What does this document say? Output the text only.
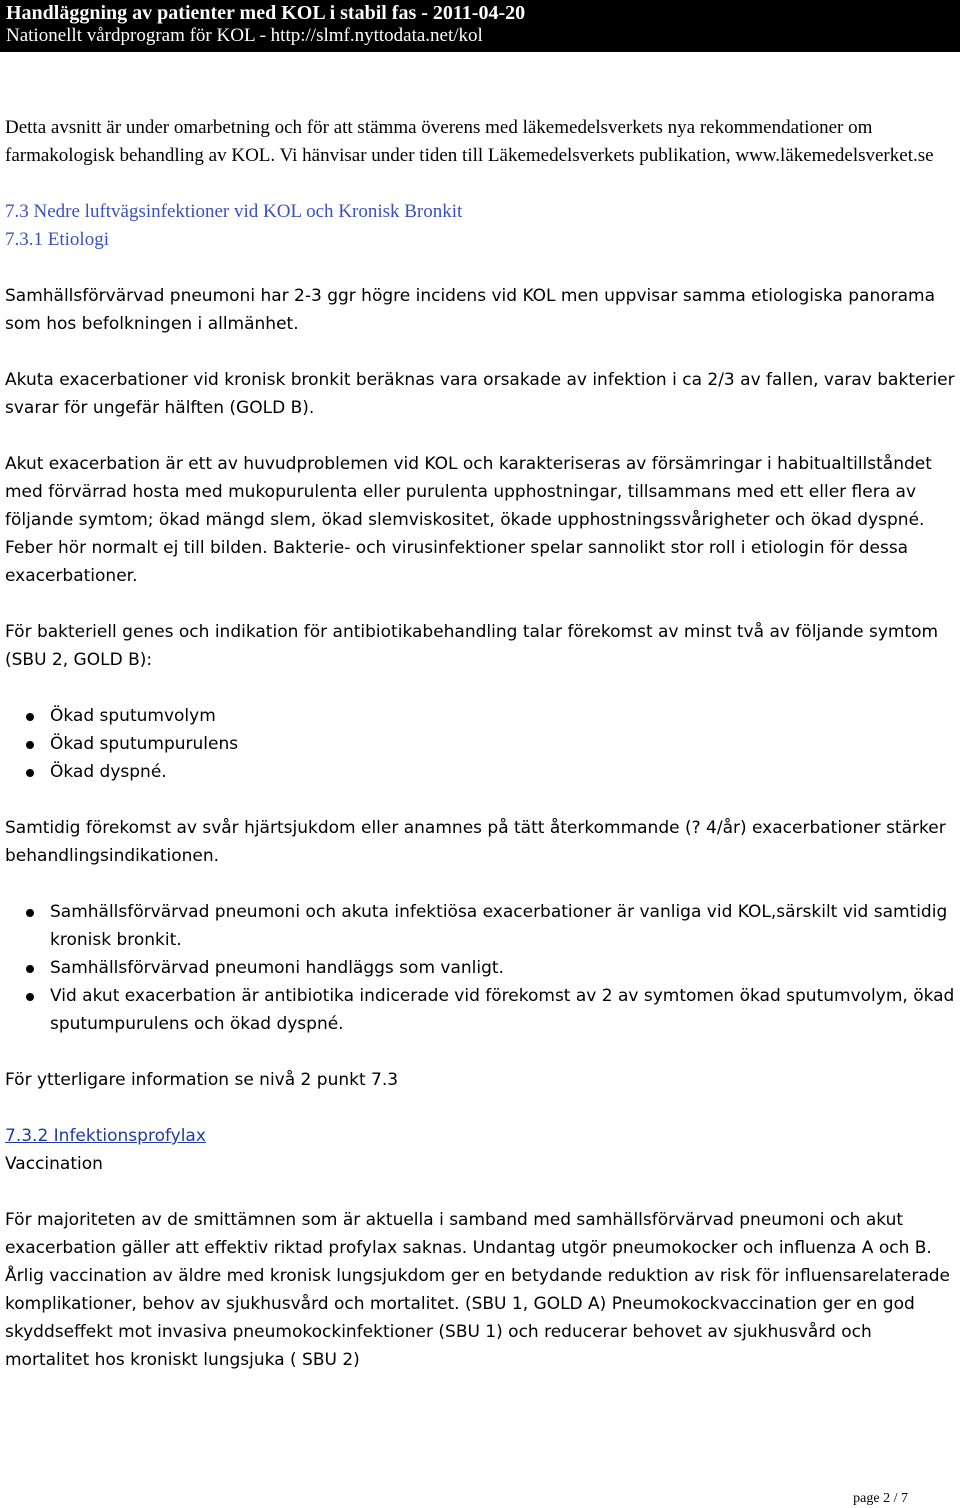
Handläggning av patienter med KOL i stabil fas - 2011-04-20
Nationellt vårdprogram för KOL - http://slmf.nyttodata.net/kol

Detta avsnitt är under omarbetning och för att stämma överens med läkemedelsverkets nya rekommendationer om farmakologisk behandling av KOL. Vi hänvisar under tiden till Läkemedelsverkets publikation, www.läkemedelsverket.se

7.3 Nedre luftvägsinfektioner vid KOL och Kronisk Bronkit
7.3.1 Etiologi

Samhällsförvärvad pneumoni har 2-3 ggr högre incidens vid KOL men uppvisar samma etiologiska panorama som hos befolkningen i allmänhet.

Akuta exacerbationer vid kronisk bronkit beräknas vara orsakade av infektion i ca 2/3 av fallen, varav bakterier svarar för ungefär hälften (GOLD B).

Akut exacerbation är ett av huvudproblemen vid KOL och karakteriseras av försämringar i habitualtillståndet med förvärrad hosta med mukopurulenta eller purulenta upphostningar, tillsammans med ett eller flera av följande symtom; ökad mängd slem, ökad slemviskositet, ökade upphostningssvårigheter och ökad dyspné. Feber hör normalt ej till bilden. Bakterie- och virusinfektioner spelar sannolikt stor roll i etiologin för dessa exacerbationer.

För bakteriell genes och indikation för antibiotikabehandling talar förekomst av minst två av följande symtom (SBU 2, GOLD B):

Ökad sputumvolym
Ökad sputumpurulens
Ökad dyspné.

Samtidig förekomst av svår hjärtsjukdom eller anamnes på tätt återkommande (? 4/år) exacerbationer stärker behandlingsindikationen.

Samhällsförvärvad pneumoni och akuta infektiösa exacerbationer är vanliga vid KOL,särskilt vid samtidig kronisk bronkit.
Samhällsförvärvad pneumoni handläggs som vanligt.
Vid akut exacerbation är antibiotika indicerade vid förekomst av 2 av symtomen ökad sputumvolym, ökad sputumpurulens och ökad dyspné.

För ytterligare information se nivå 2 punkt 7.3

7.3.2 Infektionsprofylax
Vaccination

För majoriteten av de smittämnen som är aktuella i samband med samhällsförvärvad pneumoni och akut exacerbation gäller att effektiv riktad profylax saknas. Undantag utgör pneumokocker och influenza A och B. Årlig vaccination av äldre med kronisk lungsjukdom ger en betydande reduktion av risk för influensarelaterade komplikationer, behov av sjukhusvård och mortalitet. (SBU 1, GOLD A) Pneumokockvaccination ger en god skyddseffekt mot invasiva pneumokockinfektioner (SBU 1) och reducerar behovet av sjukhusvård och mortalitet hos kroniskt lungsjuka ( SBU 2)

page 2 / 7
